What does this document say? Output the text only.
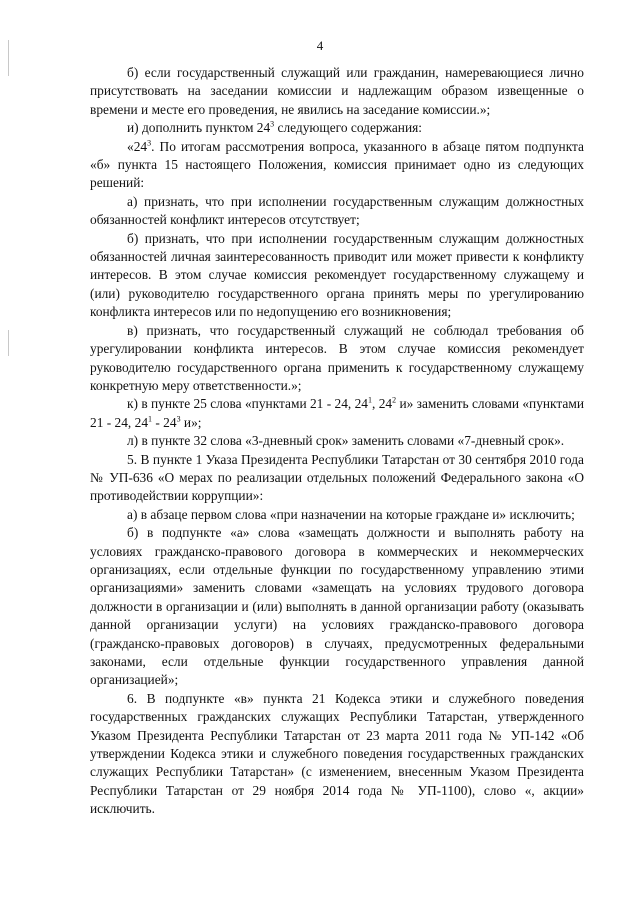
4

б) если государственный служащий или гражданин, намеревающиеся лично присутствовать на заседании комиссии и надлежащим образом извещенные о времени и месте его проведения, не явились на заседание комиссии.»;

и) дополнить пунктом $24^3$ следующего содержания:

«$24^3$. По итогам рассмотрения вопроса, указанного в абзаце пятом подпункта «б» пункта 15 настоящего Положения, комиссия принимает одно из следующих решений:

а) признать, что при исполнении государственным служащим должностных обязанностей конфликт интересов отсутствует;

б) признать, что при исполнении государственным служащим должностных обязанностей личная заинтересованность приводит или может привести к конфликту интересов. В этом случае комиссия рекомендует государственному служащему и (или) руководителю государственного органа принять меры по урегулированию конфликта интересов или по недопущению его возникновения;

в) признать, что государственный служащий не соблюдал требования об урегулировании конфликта интересов. В этом случае комиссия рекомендует руководителю государственного органа применить к государственному служащему конкретную меру ответственности.»;

к) в пункте 25 слова «пунктами 21 - 24, $24^1$, $24^2$ и» заменить словами «пунктами 21 - 24, $24^1 - 24^3$ и»;

л) в пункте 32 слова «3-дневный срок» заменить словами «7-дневный срок».

5. В пункте 1 Указа Президента Республики Татарстан от 30 сентября 2010 года № УП-636 «О мерах по реализации отдельных положений Федерального закона «О противодействии коррупции»:

а) в абзаце первом слова «при назначении на которые граждане и» исключить;

б) в подпункте «а» слова «замещать должности и выполнять работу на условиях гражданско-правового договора в коммерческих и некоммерческих организациях, если отдельные функции по государственному управлению этими организациями» заменить словами «замещать на условиях трудового договора должности в организации и (или) выполнять в данной организации работу (оказывать данной организации услуги) на условиях гражданско-правового договора (гражданско-правовых договоров) в случаях, предусмотренных федеральными законами, если отдельные функции государственного управления данной организацией»;

6. В подпункте «в» пункта 21 Кодекса этики и служебного поведения государственных гражданских служащих Республики Татарстан, утвержденного Указом Президента Республики Татарстан от 23 марта 2011 года № УП-142 «Об утверждении Кодекса этики и служебного поведения государственных гражданских служащих Республики Татарстан» (с изменением, внесенным Указом Президента Республики Татарстан от 29 ноября 2014 года № УП-1100), слово «, акции» исключить.
